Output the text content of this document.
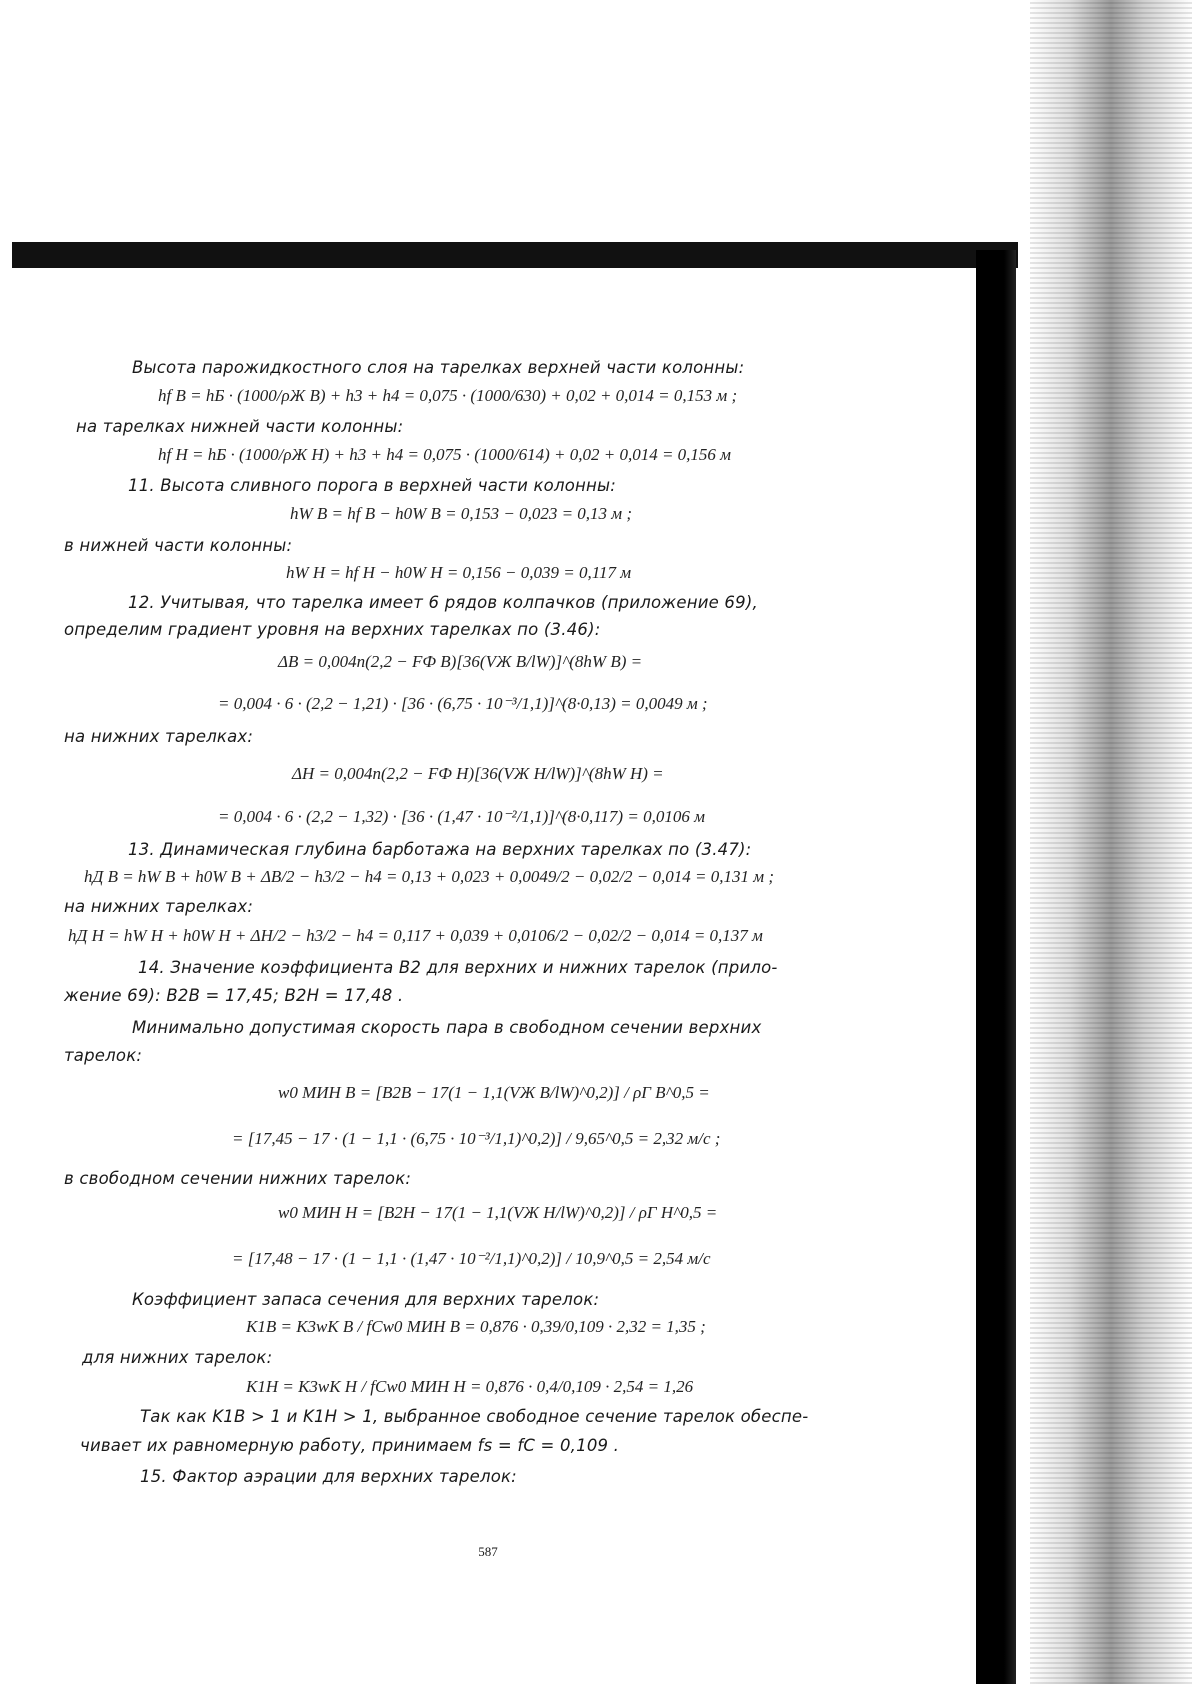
Высота парожидкостного слоя на тарелках верхней части колонны:

hf В = hБ · (1000/ρЖ В) + h3 + h4 = 0,075 · (1000/630) + 0,02 + 0,014 = 0,153 м ;

на тарелках нижней части колонны:

hf Н = hБ · (1000/ρЖ Н) + h3 + h4 = 0,075 · (1000/614) + 0,02 + 0,014 = 0,156 м

11. Высота сливного порога в верхней части колонны:

hW В = hf В − h0W В = 0,153 − 0,023 = 0,13 м ;

в нижней части колонны:

hW Н = hf Н − h0W Н = 0,156 − 0,039 = 0,117 м

12. Учитывая, что тарелка имеет 6 рядов колпачков (приложение 69),

определим градиент уровня на верхних тарелках по (3.46):

ΔВ = 0,004n(2,2 − FФ В)[36(VЖ В/lW)]^(8hW В) =

= 0,004 · 6 · (2,2 − 1,21) · [36 · (6,75 · 10⁻³/1,1)]^(8·0,13) = 0,0049 м ;

на нижних тарелках:

ΔН = 0,004n(2,2 − FФ Н)[36(VЖ Н/lW)]^(8hW Н) =

= 0,004 · 6 · (2,2 − 1,32) · [36 · (1,47 · 10⁻²/1,1)]^(8·0,117) = 0,0106 м

13. Динамическая глубина барботажа на верхних тарелках по (3.47):

hД В = hW В + h0W В + ΔВ/2 − h3/2 − h4 = 0,13 + 0,023 + 0,0049/2 − 0,02/2 − 0,014 = 0,131 м ;

на нижних тарелках:

hД Н = hW Н + h0W Н + ΔН/2 − h3/2 − h4 = 0,117 + 0,039 + 0,0106/2 − 0,02/2 − 0,014 = 0,137 м

14. Значение коэффициента B2 для верхних и нижних тарелок (прило-

жение 69): B2В = 17,45; B2Н = 17,48 .

Минимально допустимая скорость пара в свободном сечении верхних

тарелок:

w0 МИН В = [B2В − 17(1 − 1,1(VЖ В/lW)^0,2)] / ρГ В^0,5 =

= [17,45 − 17 · (1 − 1,1 · (6,75 · 10⁻³/1,1)^0,2)] / 9,65^0,5 = 2,32 м/с ;

в свободном сечении нижних тарелок:

w0 МИН Н = [B2Н − 17(1 − 1,1(VЖ Н/lW)^0,2)] / ρГ Н^0,5 =

= [17,48 − 17 · (1 − 1,1 · (1,47 · 10⁻²/1,1)^0,2)] / 10,9^0,5 = 2,54 м/с

Коэффициент запаса сечения для верхних тарелок:

K1В = K3wК В / fСw0 МИН В = 0,876 · 0,39/0,109 · 2,32 = 1,35 ;

для нижних тарелок:

K1Н = K3wК Н / fСw0 МИН Н = 0,876 · 0,4/0,109 · 2,54 = 1,26

Так как K1В > 1 и K1Н > 1, выбранное свободное сечение тарелок обеспе-

чивает их равномерную работу, принимаем fs = fС = 0,109 .

15. Фактор аэрации для верхних тарелок:

587
